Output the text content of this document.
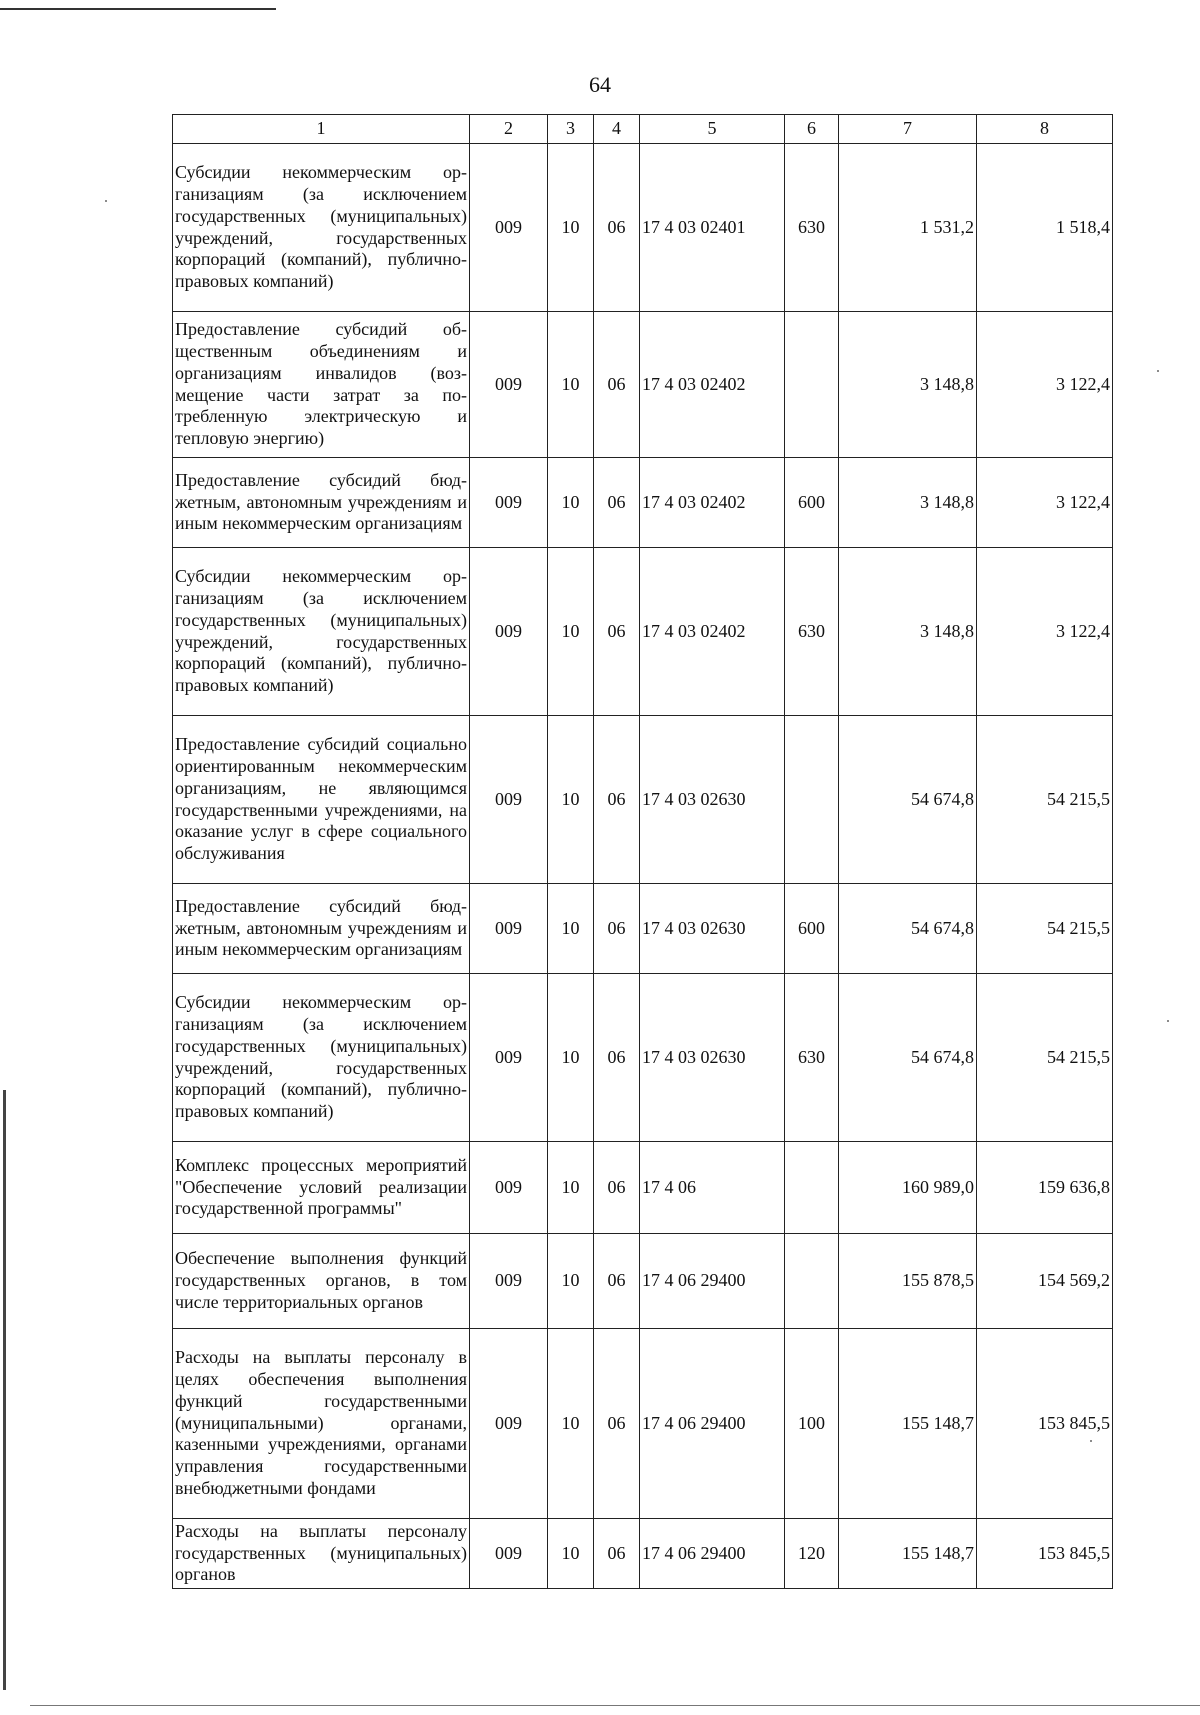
64
1	2	3	4	5	6	7	8
Субсидии некоммерческим организациям (за исключением государственных (муниципальных) учреждений, государственных корпораций (компаний), публично-правовых компаний)	009	10	06	17 4 03 02401	630	1 531,2	1 518,4
Предоставление субсидий общественным объединениям и организациям инвалидов (возмещение части затрат за потребленную электрическую и тепловую энергию)	009	10	06	17 4 03 02402		3 148,8	3 122,4
Предоставление субсидий бюджетным, автономным учреждениям и иным некоммерческим организациям	009	10	06	17 4 03 02402	600	3 148,8	3 122,4
Субсидии некоммерческим организациям (за исключением государственных (муниципальных) учреждений, государственных корпораций (компаний), публично-правовых компаний)	009	10	06	17 4 03 02402	630	3 148,8	3 122,4
Предоставление субсидий социально ориентированным некоммерческим организациям, не являющимся государственными учреждениями, на оказание услуг в сфере социального обслуживания	009	10	06	17 4 03 02630		54 674,8	54 215,5
Предоставление субсидий бюджетным, автономным учреждениям и иным некоммерческим организациям	009	10	06	17 4 03 02630	600	54 674,8	54 215,5
Субсидии некоммерческим организациям (за исключением государственных (муниципальных) учреждений, государственных корпораций (компаний), публично-правовых компаний)	009	10	06	17 4 03 02630	630	54 674,8	54 215,5
Комплекс процессных мероприятий "Обеспечение условий реализации государственной программы"	009	10	06	17 4 06		160 989,0	159 636,8
Обеспечение выполнения функций государственных органов, в том числе территориальных органов	009	10	06	17 4 06 29400		155 878,5	154 569,2
Расходы на выплаты персоналу в целях обеспечения выполнения функций государственными (муниципальными) органами, казенными учреждениями, органами управления государственными внебюджетными фондами	009	10	06	17 4 06 29400	100	155 148,7	153 845,5
Расходы на выплаты персоналу государственных (муниципальных) органов	009	10	06	17 4 06 29400	120	155 148,7	153 845,5
